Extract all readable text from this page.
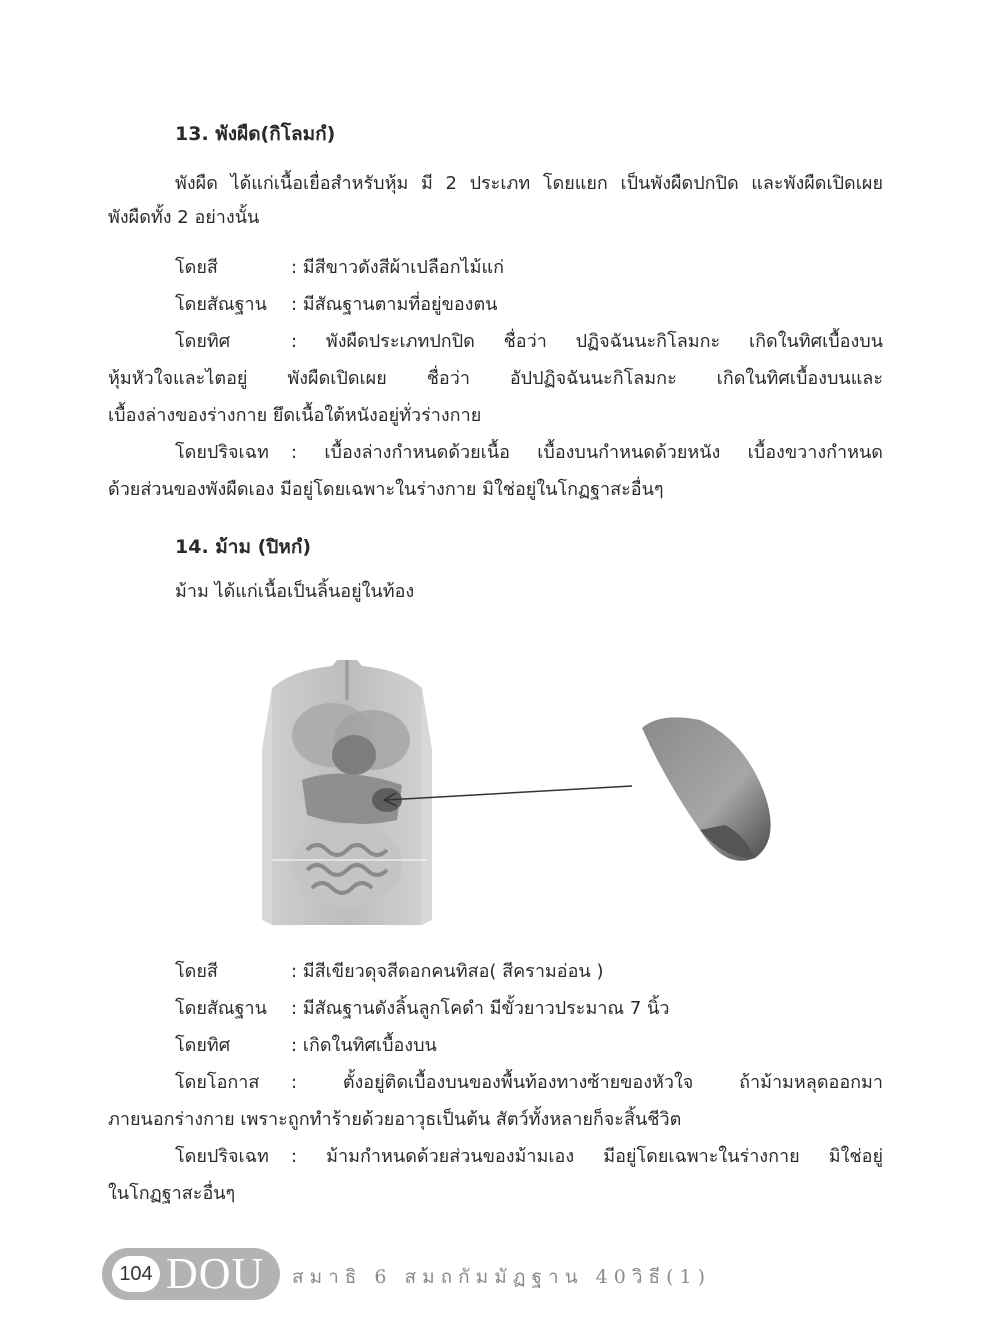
13. พังผืด(กิโลมกํ)
พังผืด ได้แก่เนื้อเยื่อสำหรับหุ้ม มี 2 ประเภท โดยแยก เป็นพังผืดปกปิด และพังผืดเปิดเผย
พังผืดทั้ง 2 อย่างนั้น
โดยสี	: มีสีขาวดังสีผ้าเปลือกไม้แก่
โดยสัณฐาน : มีสัณฐานตามที่อยู่ของตน
โดยทิศ	: พังผืดประเภทปกปิด ชื่อว่า ปฏิจฉันนะกิโลมกะ เกิดในทิศเบื้องบน
หุ้มหัวใจและไตอยู่ พังผืดเปิดเผย ชื่อว่า อัปปฏิจฉันนะกิโลมกะ เกิดในทิศเบื้องบนและ
เบื้องล่างของร่างกาย ยึดเนื้อใต้หนังอยู่ทั่วร่างกาย
โดยปริจเฉท : เบื้องล่างกำหนดด้วยเนื้อ เบื้องบนกำหนดด้วยหนัง เบื้องขวางกำหนด
ด้วยส่วนของพังผืดเอง มีอยู่โดยเฉพาะในร่างกาย มิใช่อยู่ในโกฏฐาสะอื่นๆ
14. ม้าม (ปิหกํ)
ม้าม ได้แก่เนื้อเป็นลิ้นอยู่ในท้อง
โดยสี	: มีสีเขียวดุจสีดอกคนทิสอ( สีครามอ่อน )
โดยสัณฐาน : มีสัณฐานดังลิ้นลูกโคดำ มีขั้วยาวประมาณ 7 นิ้ว
โดยทิศ	: เกิดในทิศเบื้องบน
โดยโอกาส : ตั้งอยู่ติดเบื้องบนของพื้นท้องทางซ้ายของหัวใจ ถ้าม้ามหลุดออกมา
ภายนอกร่างกาย เพราะถูกทำร้ายด้วยอาวุธเป็นต้น สัตว์ทั้งหลายก็จะสิ้นชีวิต
โดยปริจเฉท : ม้ามกำหนดด้วยส่วนของม้ามเอง มีอยู่โดยเฉพาะในร่างกาย มิใช่อยู่
ในโกฏฐาสะอื่นๆ
104 DOU สมาธิ 6 สมถกัมมัฏฐาน 40วิธี(1)
